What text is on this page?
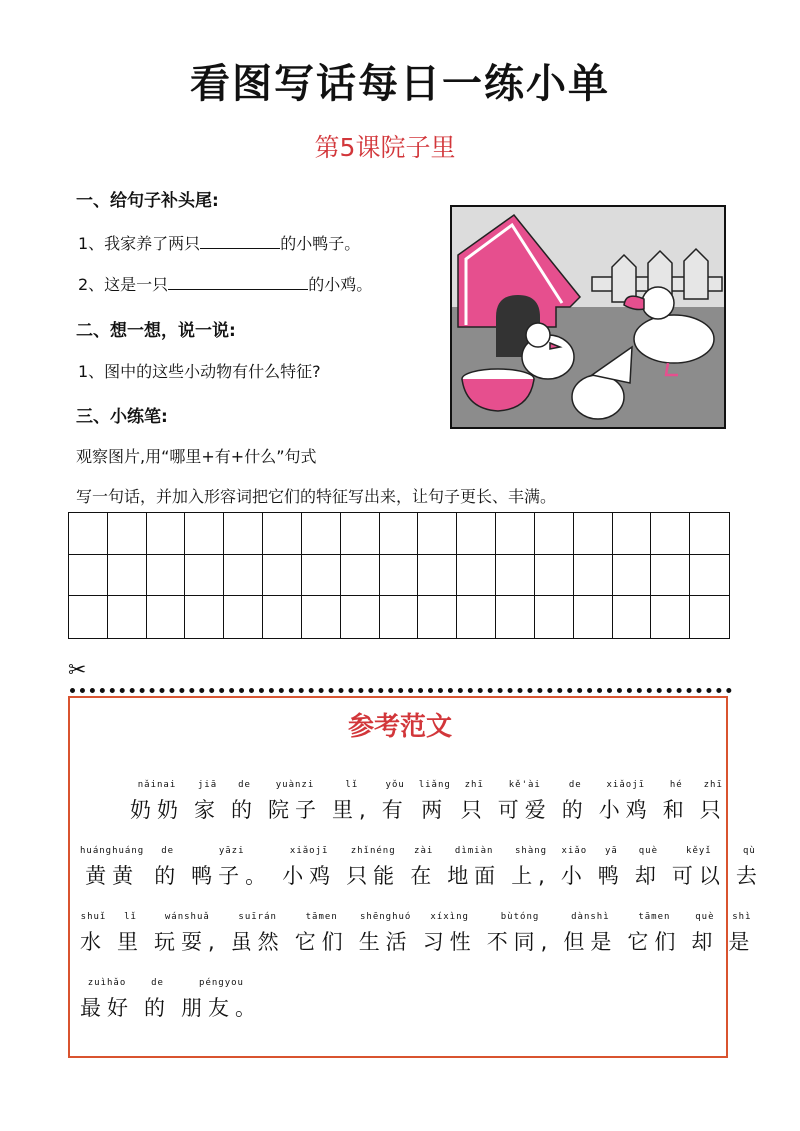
看图写话每日一练小单
第5课院子里
一、给句子补头尾:
1、我家养了两只	的小鸭子。
2、这是一只	的小鸡。
二、想一想，说一说:
1、图中的这些小动物有什么特征?
三、小练笔:
观察图片,用“哪里+有+什么”句式
写一句话，并加入形容词把它们的特征写出来，让句子更长、丰满。
✂
参考范文
nǎinai
奶奶
jiā
家
de
的
yuànzi
院子
lǐ
里,
yǒu
有
liǎng
两
zhī
只
kě'ài
可爱
de
的
xiǎojī
小鸡
hé
和
zhī
只
huánghuáng
黄黄
de
的
yāzi
鸭子。
xiǎojī
小鸡
zhǐnéng
只能
zài
在
dìmiàn
地面
shàng
上,
xiǎo
小
yā
鸭
què
却
kěyǐ
可以
qù
去
shuǐ
水
lǐ
里
wánshuǎ
玩耍,
suīrán
虽然
tāmen
它们
shēnghuó
生活
xíxìng
习性
bùtóng
不同,
dànshì
但是
tāmen
它们
què
却
shì
是
zuìhǎo
最好
de
的
péngyou
朋友。
